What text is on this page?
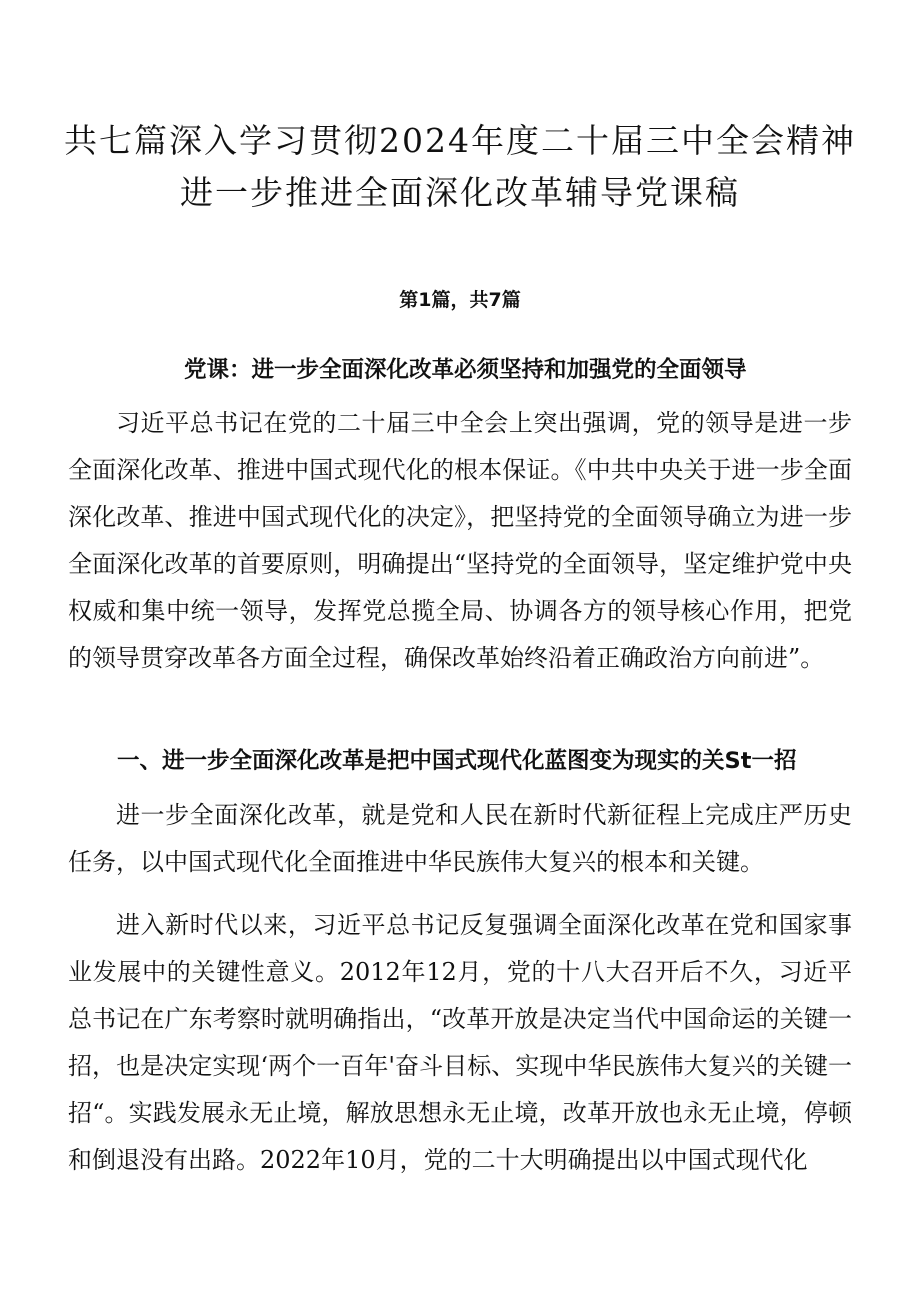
共七篇深入学习贯彻2024年度二十届三中全会精神
进一步推进全面深化改革辅导党课稿
第1篇，共7篇
党课：进一步全面深化改革必须坚持和加强党的全面领导

习近平总书记在党的二十届三中全会上突出强调，党的领导是进一步全面深化改革、推进中国式现代化的根本保证。《中共中央关于进一步全面深化改革、推进中国式现代化的决定》，把坚持党的全面领导确立为进一步全面深化改革的首要原则，明确提出“坚持党的全面领导，坚定维护党中央权威和集中统一领导，发挥党总揽全局、协调各方的领导核心作用，把党的领导贯穿改革各方面全过程，确保改革始终沿着正确政治方向前进”。

一、进一步全面深化改革是把中国式现代化蓝图变为现实的关St一招

进一步全面深化改革，就是党和人民在新时代新征程上完成庄严历史任务，以中国式现代化全面推进中华民族伟大复兴的根本和关键。

进入新时代以来，习近平总书记反复强调全面深化改革在党和国家事业发展中的关键性意义。2012年12月，党的十八大召开后不久，习近平总书记在广东考察时就明确指出，“改革开放是决定当代中国命运的关键一招，也是决定实现‘两个一百年'奋斗目标、实现中华民族伟大复兴的关键一招“。实践发展永无止境，解放思想永无止境，改革开放也永无止境，停顿和倒退没有出路。2022年10月，党的二十大明确提出以中国式现代化
